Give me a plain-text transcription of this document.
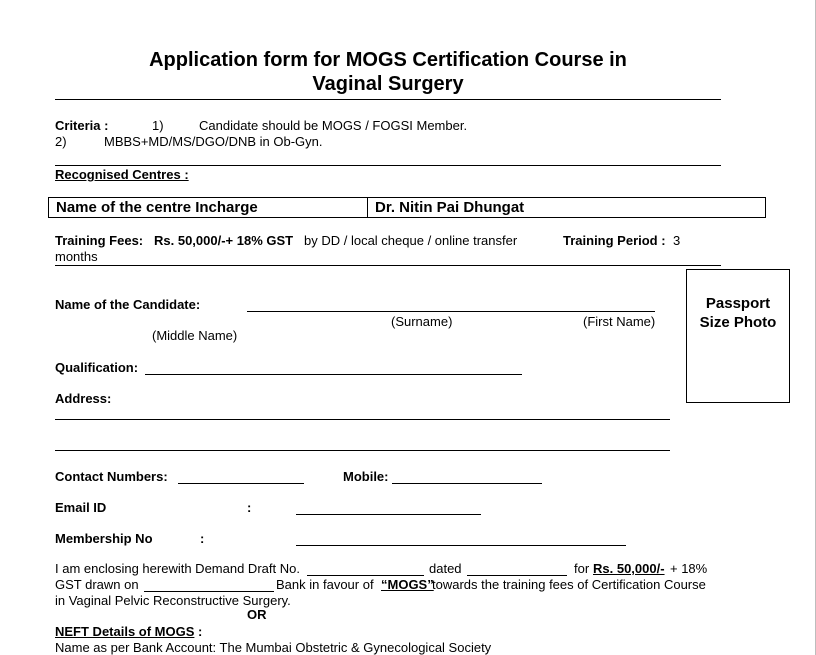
Application form for MOGS Certification Course in
Vaginal Surgery
Criteria :	1)	Candidate should be MOGS / FOGSI Member.
2)	MBBS+MD/MS/DGO/DNB in Ob-Gyn.
Recognised Centres :
Name of the centre Incharge	Dr. Nitin Pai Dhungat
Training Fees: Rs. 50,000/-+ 18% GST by DD / local cheque / online transfer	Training Period : 3
months
Passport
Size Photo
Name of the Candidate:
(Surname)	(First Name)
(Middle Name)
Qualification:
Address:
Contact Numbers:	Mobile:
Email ID	:
Membership No	:
I am enclosing herewith Demand Draft No.	dated	for Rs. 50,000/- + 18%
GST drawn on	Bank in favour of “MOGS”
towards the training fees of Certification Course
in Vaginal Pelvic Reconstructive Surgery.
OR
NEFT Details of MOGS :
Name as per Bank Account: The Mumbai Obstetric & Gynecological Society
